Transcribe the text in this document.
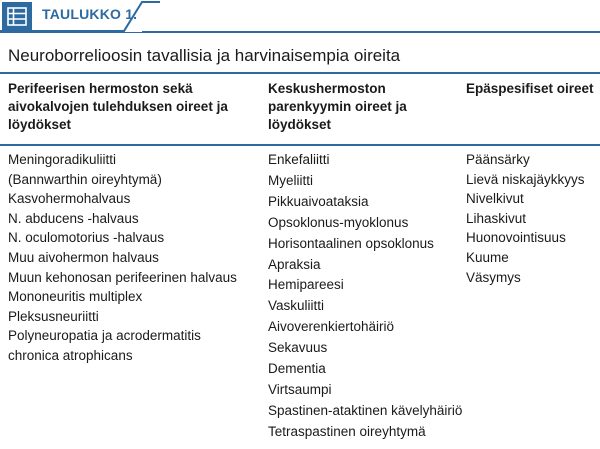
TAULUKKO 1.
Neuroborrelioosin tavallisia ja harvinaisempia oireita
Perifeerisen hermoston sekä
aivokalvojen tulehduksen oireet ja
löydökset
Keskushermoston
parenkyymin oireet ja
löydökset
Epäspesifiset oireet
Meningoradikuliitti
(Bannwarthin oireyhtymä)
Kasvohermohalvaus
N. abducens -halvaus
N. oculomotorius -halvaus
Muu aivohermon halvaus
Muun kehonosan perifeerinen halvaus
Mononeuritis multiplex
Pleksusneuriitti
Polyneuropatia ja acrodermatitis
chronica atrophicans
Enkefaliitti
Myeliitti
Pikkuaivoataksia
Opsoklonus-myoklonus
Horisontaalinen opsoklonus
Apraksia
Hemipareesi
Vaskuliitti
Aivoverenkiertohäiriö
Sekavuus
Dementia
Virtsaumpi
Spastinen-ataktinen kävelyhäiriö
Tetraspastinen oireyhtymä
Päänsärky
Lievä niskajäykkyys
Nivelkivut
Lihaskivut
Huonovointisuus
Kuume
Väsymys
